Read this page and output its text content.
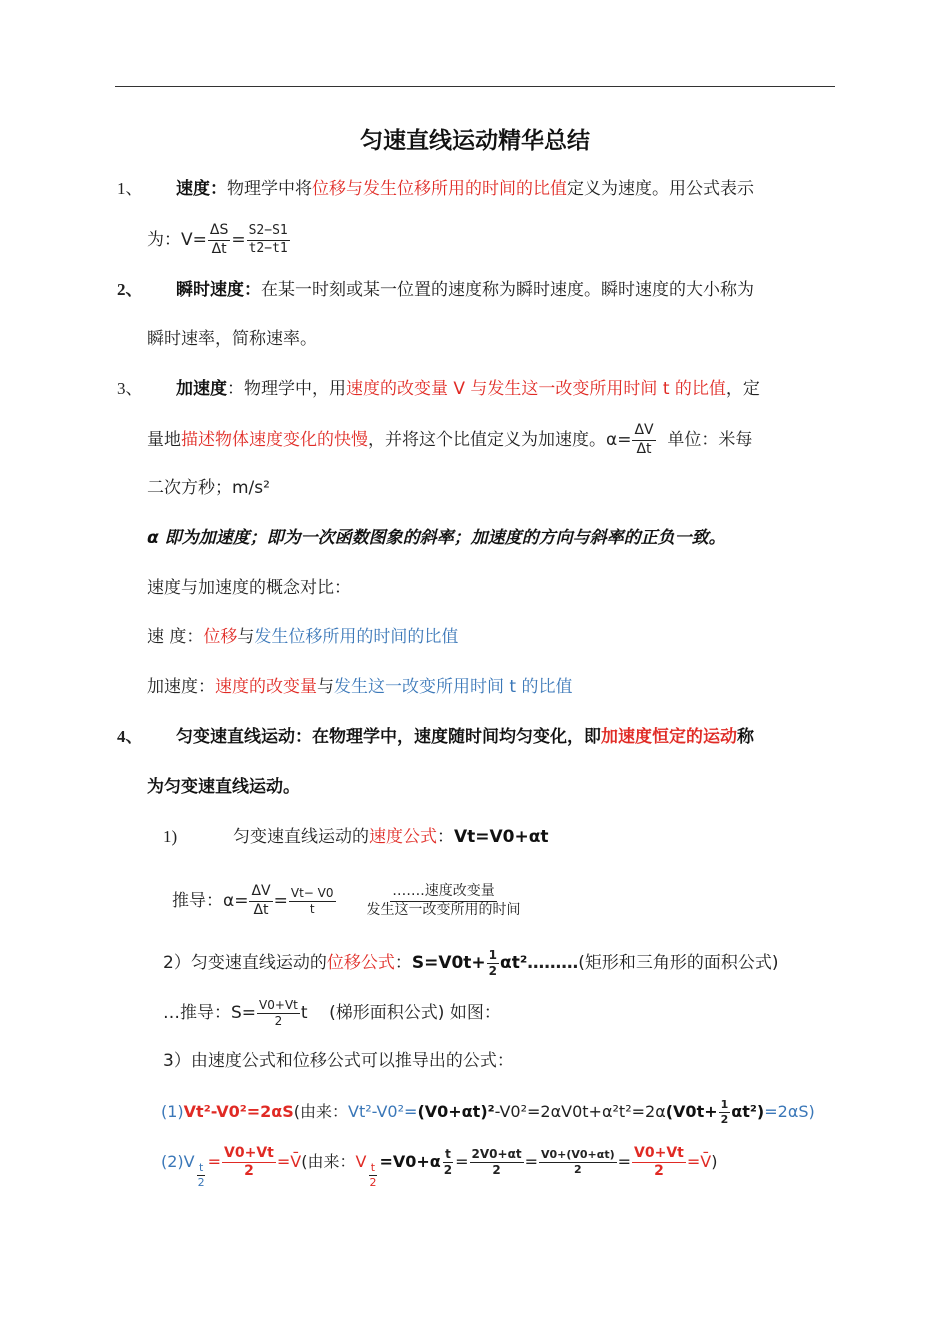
匀速直线运动精华总结
1、 速度：物理学中将位移与发生位移所用的时间的比值定义为速度。用公式表示
为：$V= \frac{\Delta S}{\Delta t} = \frac{S2-S1}{t2-t1}$
2、 瞬时速度：在某一时刻或某一位置的速度称为瞬时速度。瞬时速度的大小称为
瞬时速率，简称速率。
3、 加速度：物理学中，用速度的改变量 V 与发生这一改变所用时间 t 的比值，定
量地描述物体速度变化的快慢，并将这个比值定义为加速度。$\alpha= \frac{\Delta V}{\Delta t}$ 单位：米每
二次方秒；m/s²
α 即为加速度；即为一次函数图象的斜率；加速度的方向与斜率的正负一致。
速度与加速度的概念对比：
速 度：位移与发生位移所用的时间的比值
加速度：速度的改变量与发生这一改变所用时间 t 的比值
4、 匀变速直线运动：在物理学中，速度随时间均匀变化，即加速度恒定的运动称
为匀变速直线运动。
1)	匀变速直线运动的速度公式：Vt=V0+αt
推导：$\alpha= \frac{\Delta V}{\Delta t} = \frac{Vt- V0}{t}$
$\frac{\text{…….速度改变量}}{\text{发生这一改变所用的时间}}$
2）匀变速直线运动的位移公式：$S=V0t+ \frac{1}{2}$ αt²………(矩形和三角形的面积公式)
…推导：$S= \frac{V0+Vt}{2}$ t (梯形面积公式) 如图：
3）由速度公式和位移公式可以推导出的公式：
(1)Vt²-V0²=2αS(由来：$Vt^2-V0^2=(V0+\alpha t)^2-V0^2=2\alpha V0t+\alpha^2t^2=2\alpha(V0t+ \frac{1}{2} \alpha t^2)=2\alpha S$)
$(2)V \frac{t}{2} = \frac{V0+Vt}{2}$ =V̄(由来：V $\frac{t}{2} =V0+\alpha \frac{t}{2} = \frac{2V0+\alpha t}{2} = \frac{V0+(V0+\alpha t)}{2} = \frac{V0+Vt}{2}$ =V̄)
